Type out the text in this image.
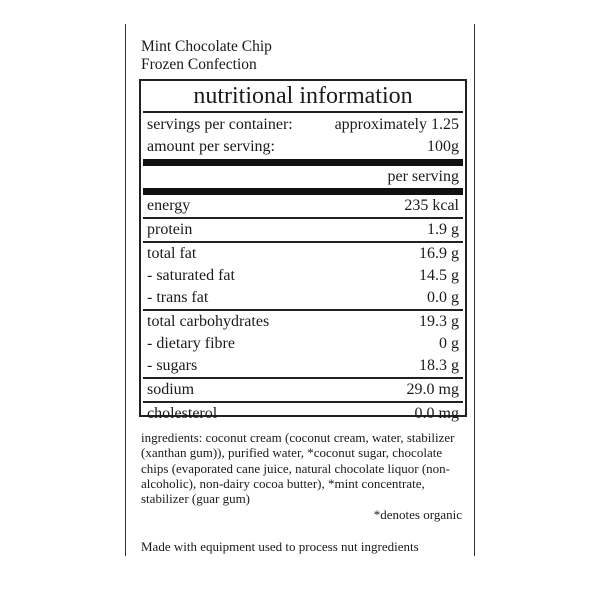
Mint Chocolate Chip
Frozen Confection
nutritional information
servings per container:	approximately 1.25
amount per serving:	100g
per serving
energy	235 kcal
protein	1.9 g
total fat	16.9 g
- saturated fat	14.5 g
- trans fat	0.0 g
total carbohydrates	19.3 g
- dietary fibre	0 g
- sugars	18.3 g
sodium	29.0 mg
cholesterol	0.0 mg

ingredients: coconut cream (coconut cream, water, stabilizer (xanthan gum)), purified water, *coconut sugar, chocolate chips (evaporated cane juice, natural chocolate liquor (non-alcoholic), non-dairy cocoa butter), *mint concentrate, stabilizer (guar gum)

*denotes organic

Made with equipment used to process nut ingredients
